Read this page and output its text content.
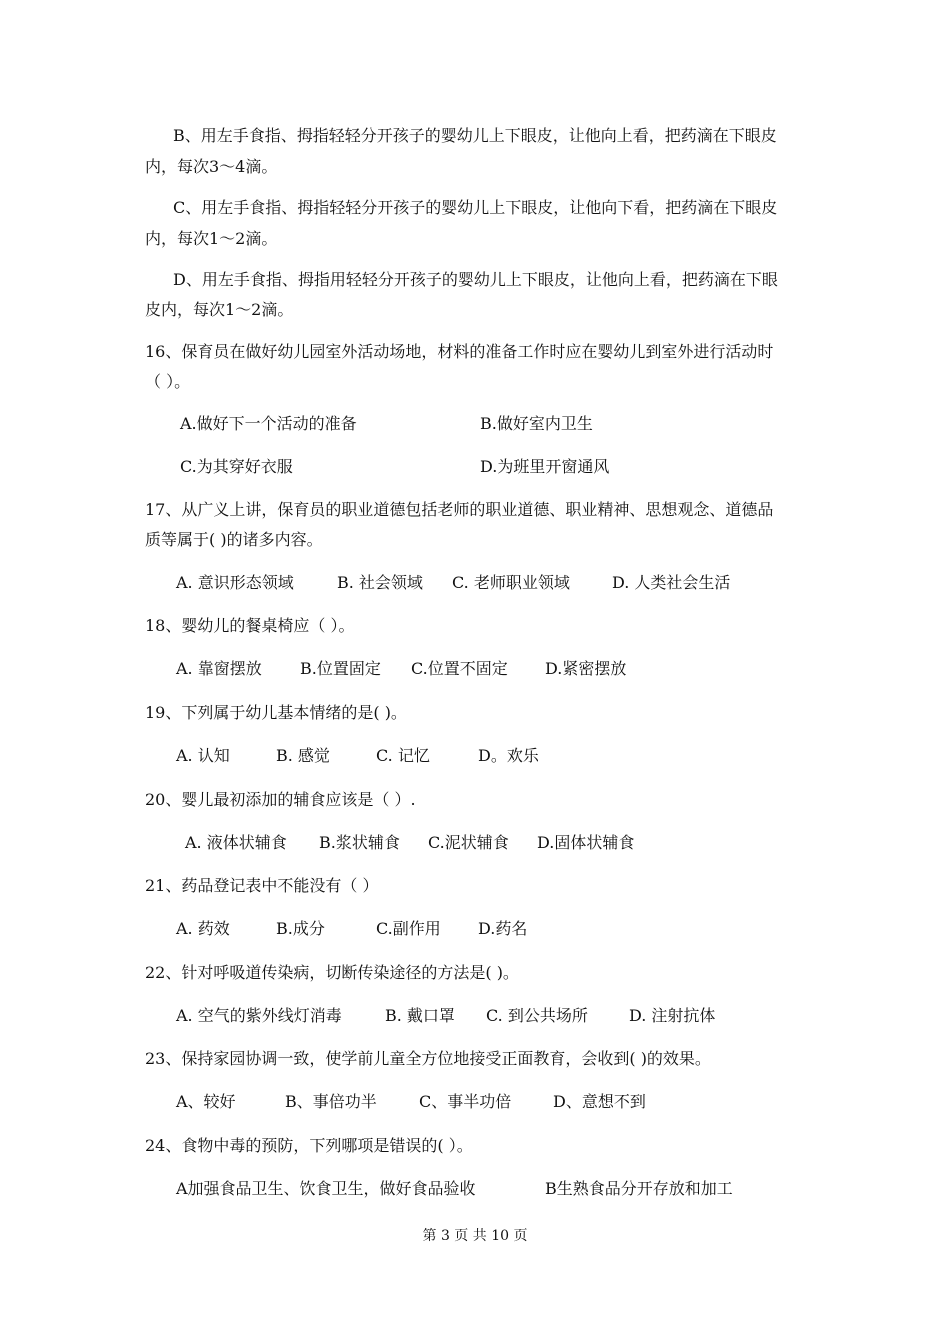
B、用左手食指、拇指轻轻分开孩子的婴幼儿上下眼皮，让他向上看，把药滴在下眼皮
内，每次3～4滴。
C、用左手食指、拇指轻轻分开孩子的婴幼儿上下眼皮，让他向下看，把药滴在下眼皮
内，每次1～2滴。
D、用左手食指、拇指用轻轻分开孩子的婴幼儿上下眼皮，让他向上看，把药滴在下眼
皮内，每次1～2滴。
16、保育员在做好幼儿园室外活动场地，材料的准备工作时应在婴幼儿到室外进行活动时
（ ）。
A.做好下一个活动的准备	B.做好室内卫生
C.为其穿好衣服	D.为班里开窗通风
17、从广义上讲，保育员的职业道德包括老师的职业道德、职业精神、思想观念、道德品
质等属于( )的诸多内容。
A. 意识形态领域	B. 社会领域 C. 老师职业领域	D. 人类社会生活
18、婴幼儿的餐桌椅应（ ）。
A. 靠窗摆放 B.位置固定 C.位置不固定 D.紧密摆放
19、下列属于幼儿基本情绪的是( )。
A. 认知	B. 感觉	C. 记忆	D。欢乐
20、婴儿最初添加的辅食应该是（ ）.
A. 液体状辅食 B.浆状辅食 C.泥状辅食 D.固体状辅食
21、药品登记表中不能没有（ ）
A. 药效	B.成分	C.副作用 D.药名
22、针对呼吸道传染病，切断传染途径的方法是( )。
A. 空气的紫外线灯消毒	B. 戴口罩 C. 到公共场所	D. 注射抗体
23、保持家园协调一致，使学前儿童全方位地接受正面教育，会收到( )的效果。
A、较好	B、事倍功半	C、事半功倍	D、意想不到
24、食物中毒的预防，下列哪项是错误的( ）。
A加强食品卫生、饮食卫生，做好食品验收	B生熟食品分开存放和加工
第 3 页 共 10 页
